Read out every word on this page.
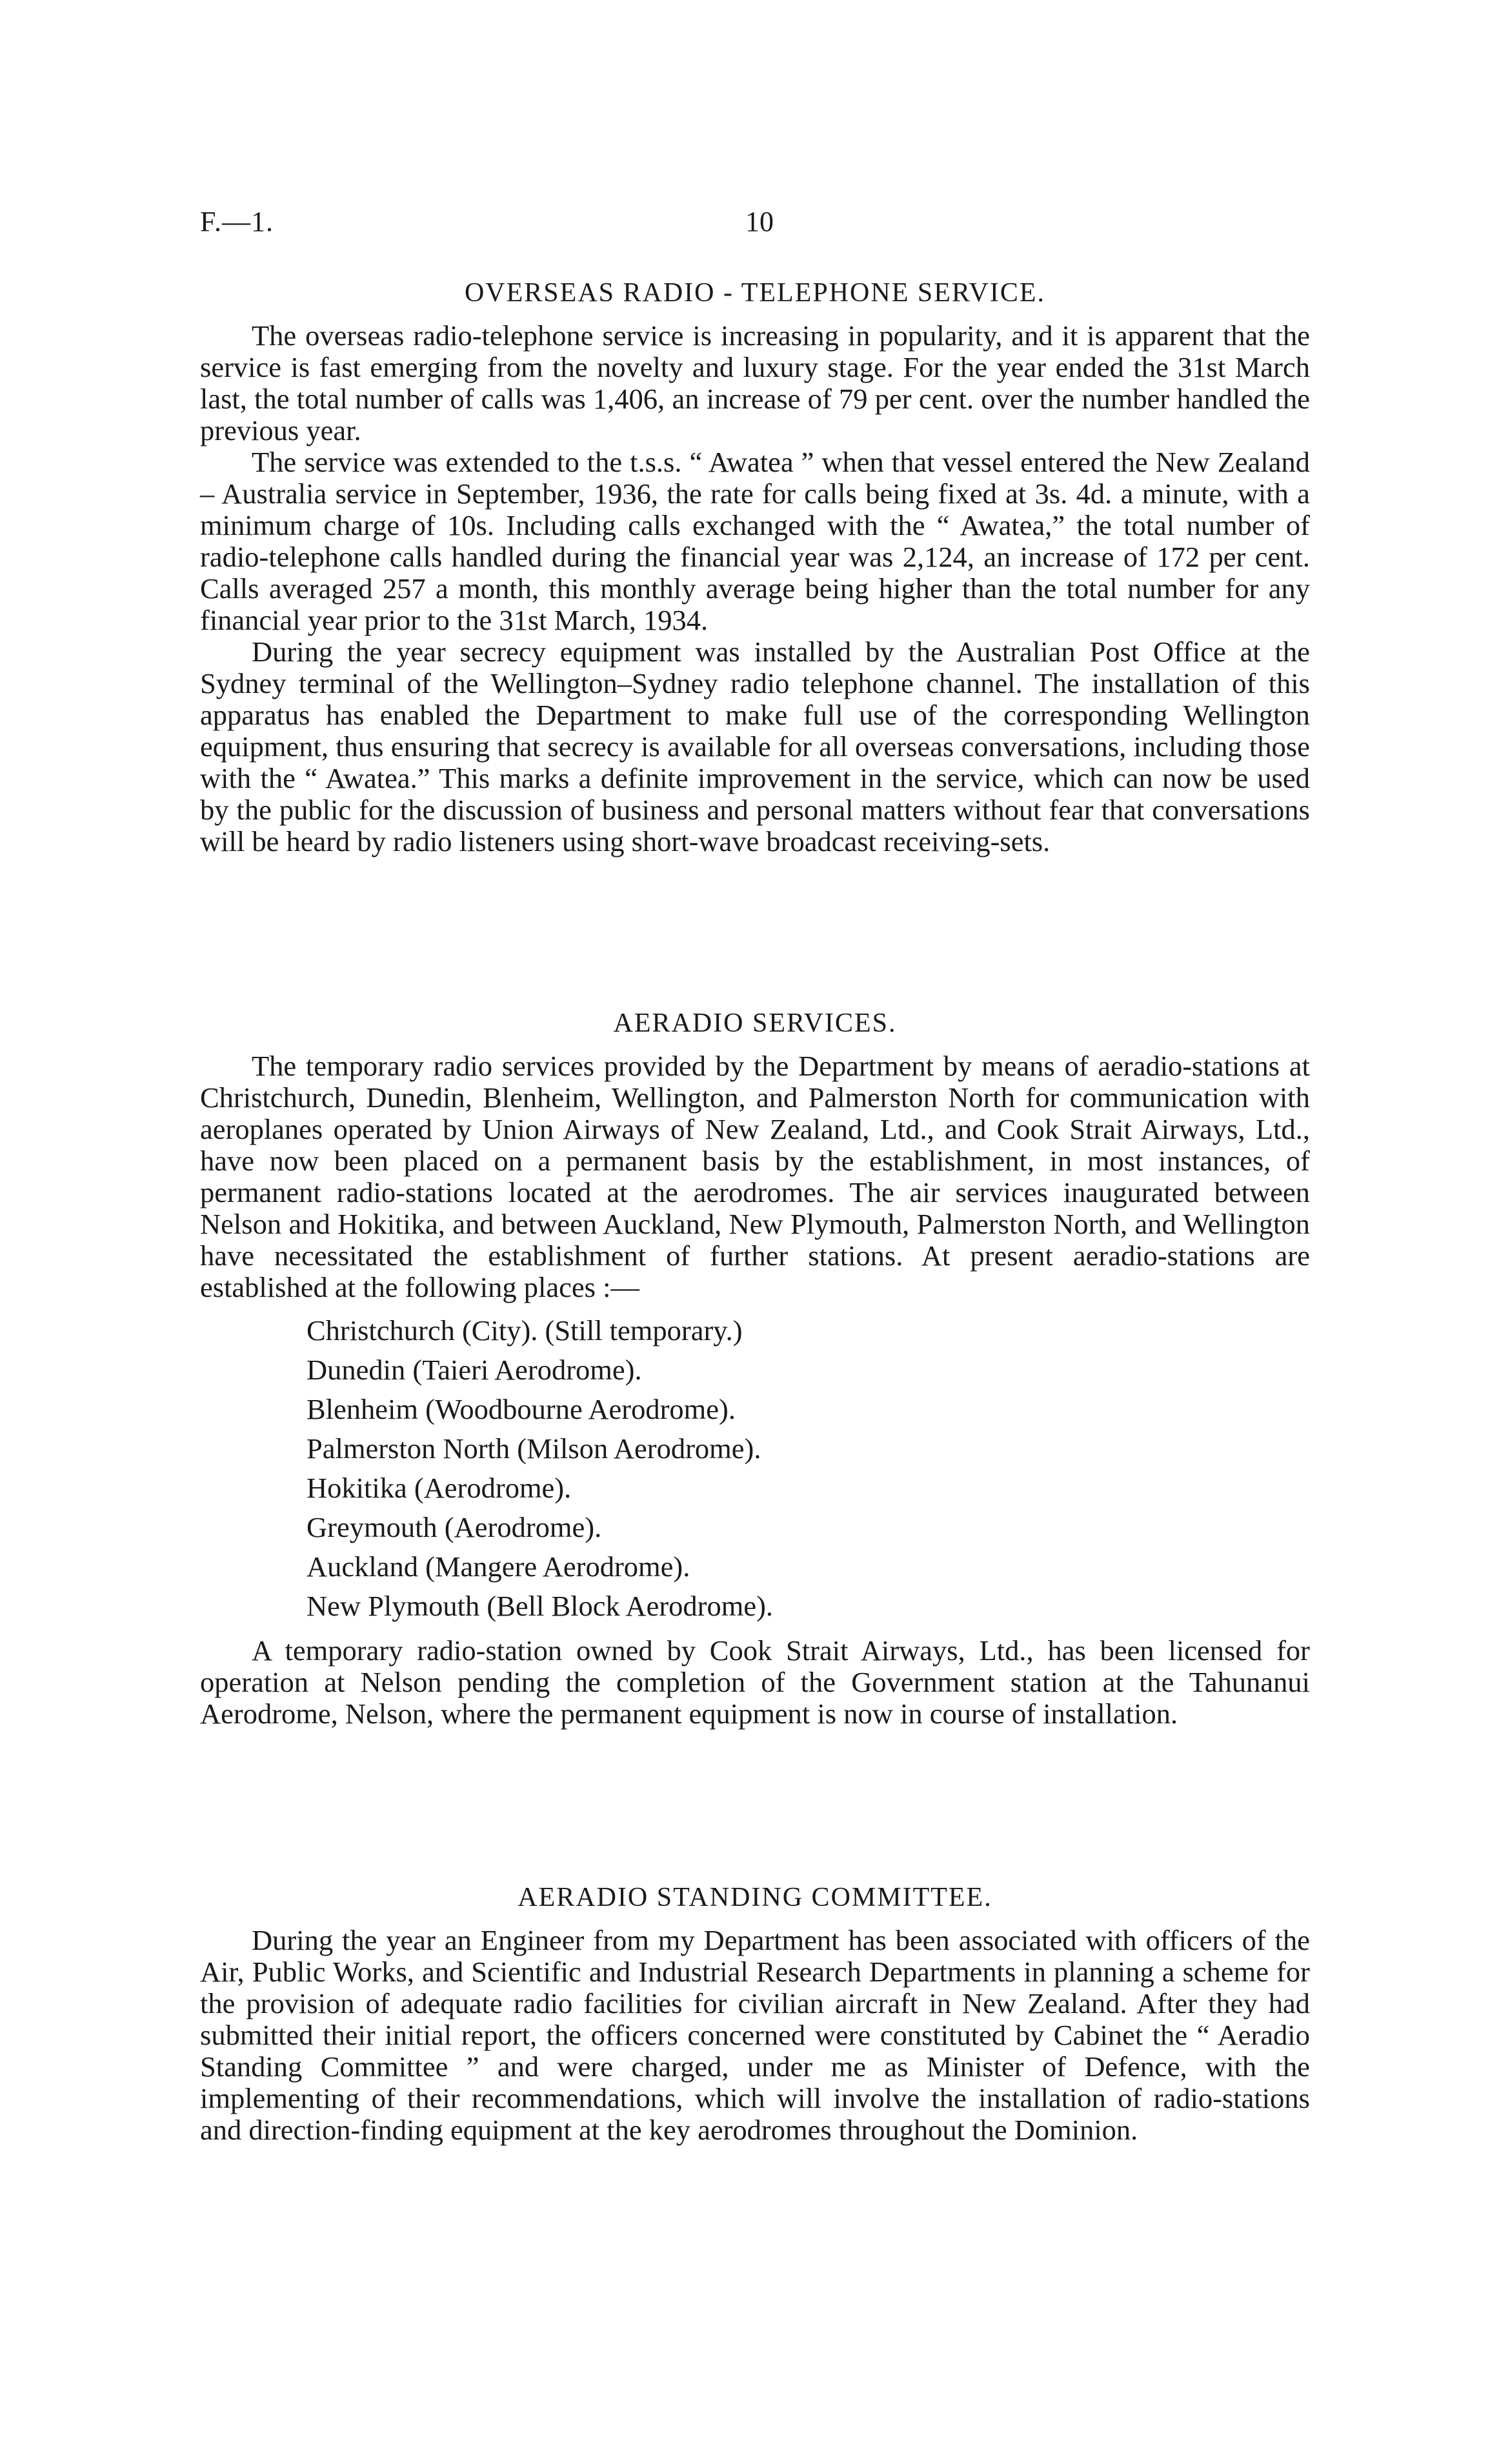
F.—1.	10
OVERSEAS RADIO - TELEPHONE SERVICE.

The overseas radio-telephone service is increasing in popularity, and it is apparent that the service is fast emerging from the novelty and luxury stage. For the year ended the 31st March last, the total number of calls was 1,406, an increase of 79 per cent. over the number handled the previous year.

The service was extended to the t.s.s. “ Awatea ” when that vessel entered the New Zealand – Australia service in September, 1936, the rate for calls being fixed at 3s. 4d. a minute, with a minimum charge of 10s. Including calls exchanged with the “ Awatea,” the total number of radio-telephone calls handled during the financial year was 2,124, an increase of 172 per cent. Calls averaged 257 a month, this monthly average being higher than the total number for any financial year prior to the 31st March, 1934.

During the year secrecy equipment was installed by the Australian Post Office at the Sydney terminal of the Wellington–Sydney radio telephone channel. The installation of this apparatus has enabled the Department to make full use of the corresponding Wellington equipment, thus ensuring that secrecy is available for all overseas conversations, including those with the “ Awatea.” This marks a definite improvement in the service, which can now be used by the public for the discussion of business and personal matters without fear that conversations will be heard by radio listeners using short-wave broadcast receiving-sets.

AERADIO SERVICES.

The temporary radio services provided by the Department by means of aeradio-stations at Christchurch, Dunedin, Blenheim, Wellington, and Palmerston North for communication with aeroplanes operated by Union Airways of New Zealand, Ltd., and Cook Strait Airways, Ltd., have now been placed on a permanent basis by the establishment, in most instances, of permanent radio-stations located at the aerodromes. The air services inaugurated between Nelson and Hokitika, and between Auckland, New Plymouth, Palmerston North, and Wellington have necessitated the establishment of further stations. At present aeradio-stations are established at the following places :—

Christchurch (City). (Still temporary.)
Dunedin (Taieri Aerodrome).
Blenheim (Woodbourne Aerodrome).
Palmerston North (Milson Aerodrome).
Hokitika (Aerodrome).
Greymouth (Aerodrome).
Auckland (Mangere Aerodrome).
New Plymouth (Bell Block Aerodrome).

A temporary radio-station owned by Cook Strait Airways, Ltd., has been licensed for operation at Nelson pending the completion of the Government station at the Tahunanui Aerodrome, Nelson, where the permanent equipment is now in course of installation.

AERADIO STANDING COMMITTEE.

During the year an Engineer from my Department has been associated with officers of the Air, Public Works, and Scientific and Industrial Research Departments in planning a scheme for the provision of adequate radio facilities for civilian aircraft in New Zealand. After they had submitted their initial report, the officers concerned were constituted by Cabinet the “ Aeradio Standing Committee ” and were charged, under me as Minister of Defence, with the implementing of their recommendations, which will involve the installation of radio-stations and direction-finding equipment at the key aerodromes throughout the Dominion.
